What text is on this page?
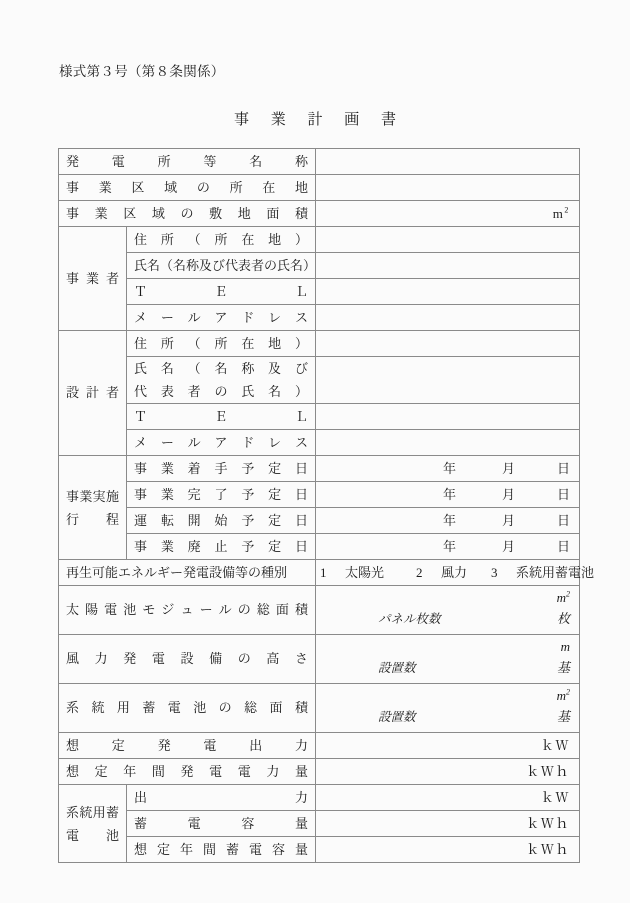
様式第３号（第８条関係）
事 業 計 画 書
発 電 所 等 名 称		

事 業 区 域 の 所 在 地		

事 業 区 域 の 敷 地 面 積		$m^2$

事 業 者	住 所 （ 所 在 地 ）	

	氏名（名称及び代表者の氏名）	

	Ｔ Ｅ Ｌ	

	メ ー ル ア ド レ ス	

設 計 者	住 所 （ 所 在 地 ）	

	氏 名 （ 名 称 及 び
代 表 者 の 氏 名 ）	

	Ｔ Ｅ Ｌ	

	メ ー ル ア ド レ ス	

事業実施
行 程	事 業 着 手 予 定 日	年 月 日

	事 業 完 了 予 定 日	年 月 日

	運 転 開 始 予 定 日	年 月 日

	事 業 廃 止 予 定 日	年 月 日

再生可能エネルギー発電設備等の種別	1 太陽光 2 風力 3 系統用蓄電池

太 陽 電 池 モ ジ ュ ー ル の 総 面 積		$m^2$
パネル枚数 枚

風 力 発 電 設 備 の 高 さ		m
設置数 基

系 統 用 蓄 電 池 の 総 面 積		$m^2$
設置数 基

想 定 発 電 出 力		ｋＷ

想 定 年 間 発 電 電 力 量		ｋＷｈ

系統用蓄
電 池	出 力	ｋＷ

	蓄 電 容 量	ｋＷｈ

	想 定 年 間 蓄 電 容 量	ｋＷｈ
